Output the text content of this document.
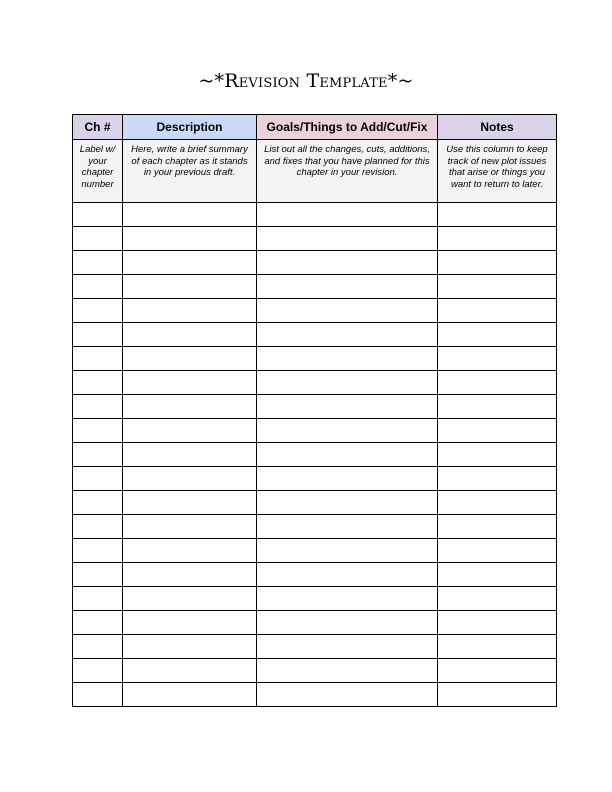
~*Revision Template*~
Ch #	Description	Goals/Things to Add/Cut/Fix	Notes
Label w/ your chapter number	Here, write a brief summary of each chapter as it stands in your previous draft.	List out all the changes, cuts, additions, and fixes that you have planned for this chapter in your revision.	Use this column to keep track of new plot issues that arise or things you want to return to later.
